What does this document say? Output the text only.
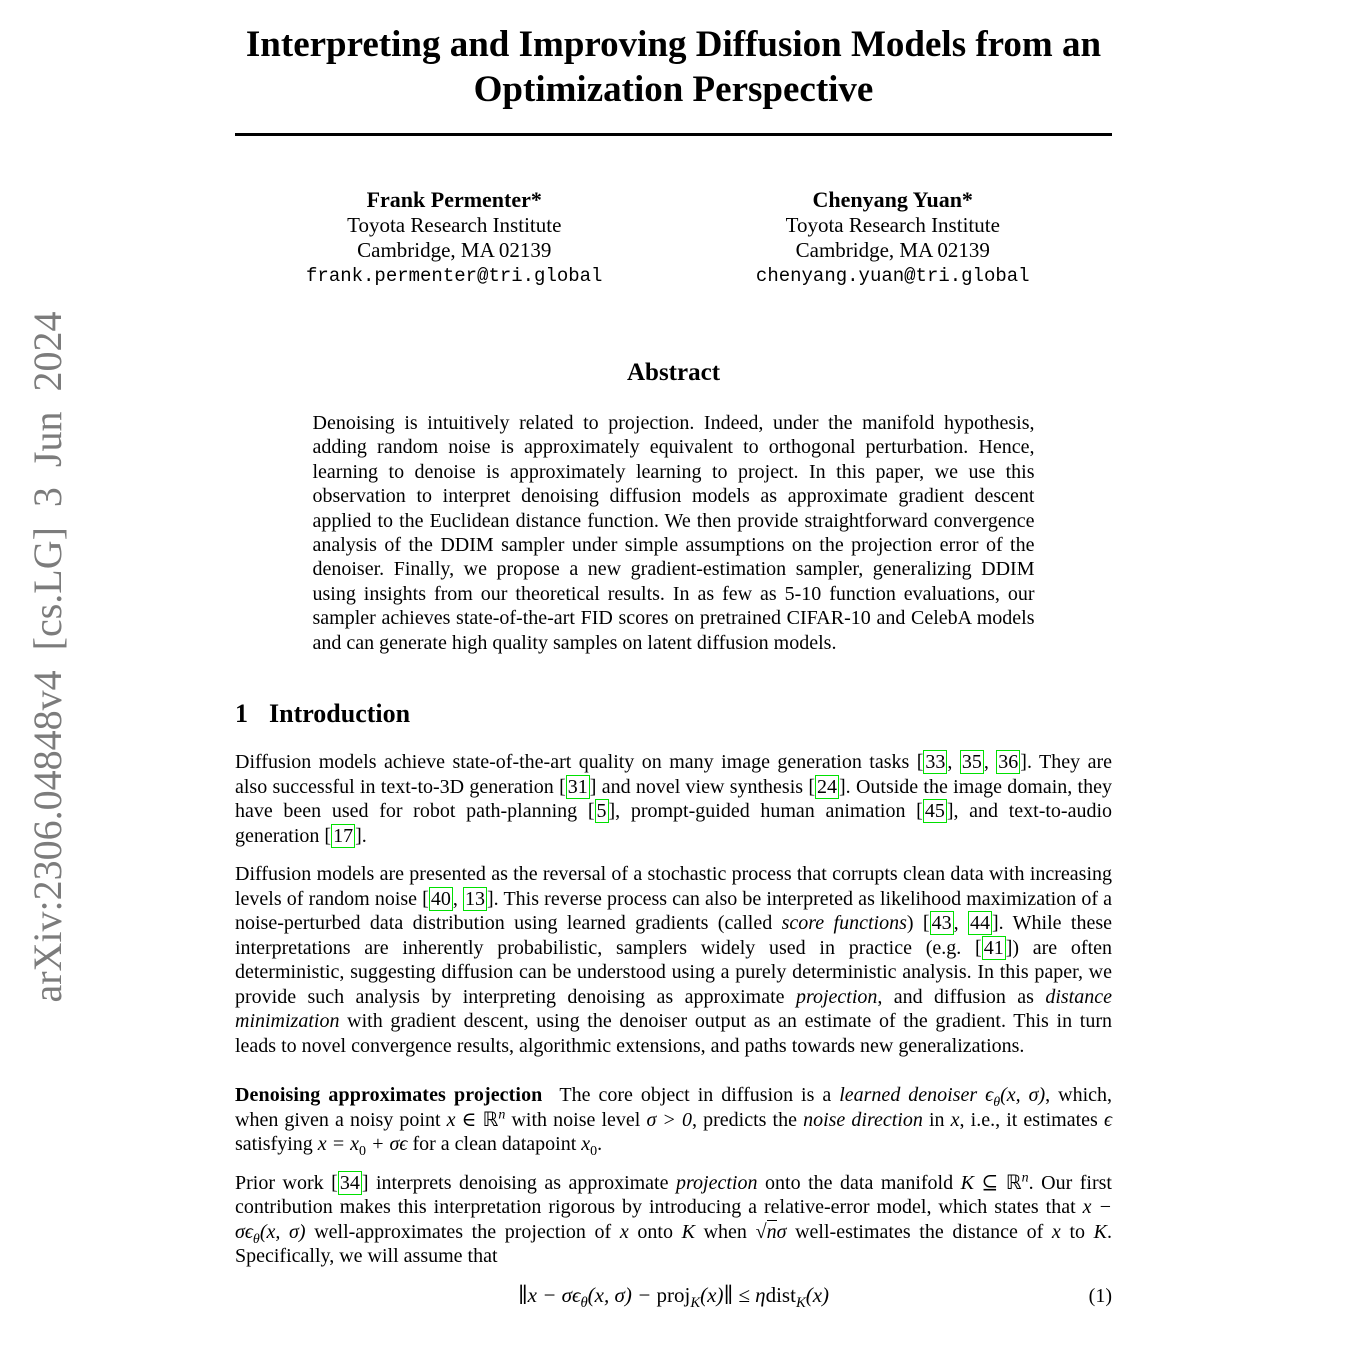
arXiv:2306.04848v4 [cs.LG] 3 Jun 2024
Interpreting and Improving Diffusion Models from an
Optimization Perspective
Frank Permenter*
Toyota Research Institute
Cambridge, MA 02139
frank.permenter@tri.global
Chenyang Yuan*
Toyota Research Institute
Cambridge, MA 02139
chenyang.yuan@tri.global
Abstract
Denoising is intuitively related to projection. Indeed, under the manifold hypothesis, adding random noise is approximately equivalent to orthogonal perturbation. Hence, learning to denoise is approximately learning to project. In this paper, we use this observation to interpret denoising diffusion models as approximate gradient descent applied to the Euclidean distance function. We then provide straightforward convergence analysis of the DDIM sampler under simple assumptions on the projection error of the denoiser. Finally, we propose a new gradient-estimation sampler, generalizing DDIM using insights from our theoretical results. In as few as 5-10 function evaluations, our sampler achieves state-of-the-art FID scores on pretrained CIFAR-10 and CelebA models and can generate high quality samples on latent diffusion models.
1 Introduction
Diffusion models achieve state-of-the-art quality on many image generation tasks [ 33 , 35 , 36 ]. They are also successful in text-to-3D generation [ 31 ] and novel view synthesis [ 24 ]. Outside the image domain, they have been used for robot path-planning [ 5 ], prompt-guided human animation [ 45 ], and text-to-audio generation [ 17 ].
Diffusion models are presented as the reversal of a stochastic process that corrupts clean data with increasing levels of random noise [ 40 , 13 ]. This reverse process can also be interpreted as likelihood maximization of a noise-perturbed data distribution using learned gradients (called score functions) [ 43 , 44 ]. While these interpretations are inherently probabilistic, samplers widely used in practice (e.g. [ 41 ]) are often deterministic, suggesting diffusion can be understood using a purely deterministic analysis. In this paper, we provide such analysis by interpreting denoising as approximate projection, and diffusion as distance minimization with gradient descent, using the denoiser output as an estimate of the gradient. This in turn leads to novel convergence results, algorithmic extensions, and paths towards new generalizations.
Denoising approximates projection The core object in diffusion is a learned denoiser $\epsilon_\theta(x$, σ), which, when given a noisy point x ∈ ℝ$^n$ with noise level σ > 0, predicts the noise direction in x, i.e., it estimates ϵ satisfying $x = x_0 + \sigma\epsilon$ for a clean datapoint $x_0$.
Prior work [ 34 ] interprets denoising as approximate projection onto the data manifold K ⊆ ℝ$^n$. Our first contribution makes this interpretation rigorous by introducing a relative-error model, which states that $x - \sigma\epsilon_\theta(x$, σ) well-approximates the projection of x onto K when √nσ well-estimates the distance of x to K. Specifically, we will assume that
∥x − $\sigma\epsilon_\theta(x$, σ) − proj$_K$(x)∥ ≤ ηdist$_K$(x)	(1)
